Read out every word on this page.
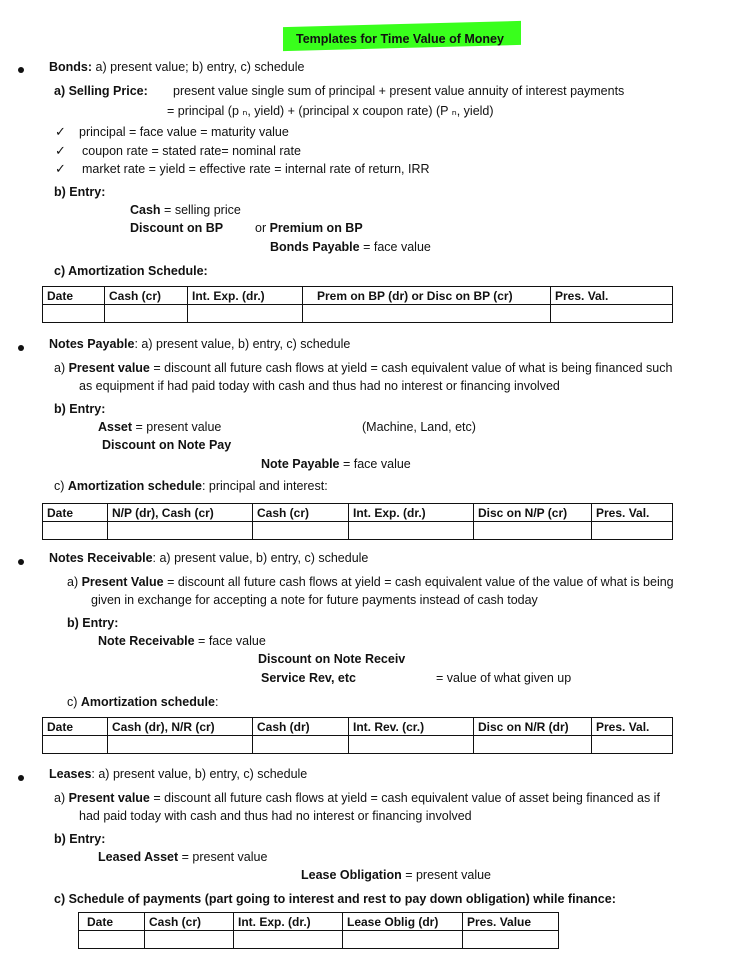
Templates for Time Value of Money
Bonds: a) present value; b) entry, c) schedule
a) Selling Price: present value single sum of principal + present value annuity of interest payments
= principal (p ₙ, yield) + (principal x coupon rate) (P ₙ, yield)
✓ principal = face value = maturity value
✓ coupon rate = stated rate= nominal rate
✓ market rate = yield = effective rate = internal rate of return, IRR
b) Entry:
Cash = selling price
Discount on BP	or Premium on BP
Bonds Payable = face value
c) Amortization Schedule:
Date	Cash (cr)	Int. Exp. (dr.)	Prem on BP (dr) or Disc on BP (cr)	Pres. Val.

Notes Payable: a) present value, b) entry, c) schedule
a) Present value = discount all future cash flows at yield = cash equivalent value of what is being financed such
as equipment if had paid today with cash and thus had no interest or financing involved
b) Entry:
Asset = present value	(Machine, Land, etc)
Discount on Note Pay
Note Payable = face value
c) Amortization schedule: principal and interest:
Date	N/P (dr), Cash (cr)	Cash (cr)	Int. Exp. (dr.)	Disc on N/P (cr)	Pres. Val.

Notes Receivable: a) present value, b) entry, c) schedule
a) Present Value = discount all future cash flows at yield = cash equivalent value of the value of what is being
given in exchange for accepting a note for future payments instead of cash today
b) Entry:
Note Receivable = face value
Discount on Note Receiv
Service Rev, etc	= value of what given up
c) Amortization schedule:
Date	Cash (dr), N/R (cr)	Cash (dr)	Int. Rev. (cr.)	Disc on N/R (dr)	Pres. Val.

Leases: a) present value, b) entry, c) schedule
a) Present value = discount all future cash flows at yield = cash equivalent value of asset being financed as if
had paid today with cash and thus had no interest or financing involved
b) Entry:
Leased Asset = present value
Lease Obligation = present value
c) Schedule of payments (part going to interest and rest to pay down obligation) while finance:
Date	Cash (cr)	Int. Exp. (dr.)	Lease Oblig (dr)	Pres. Value
